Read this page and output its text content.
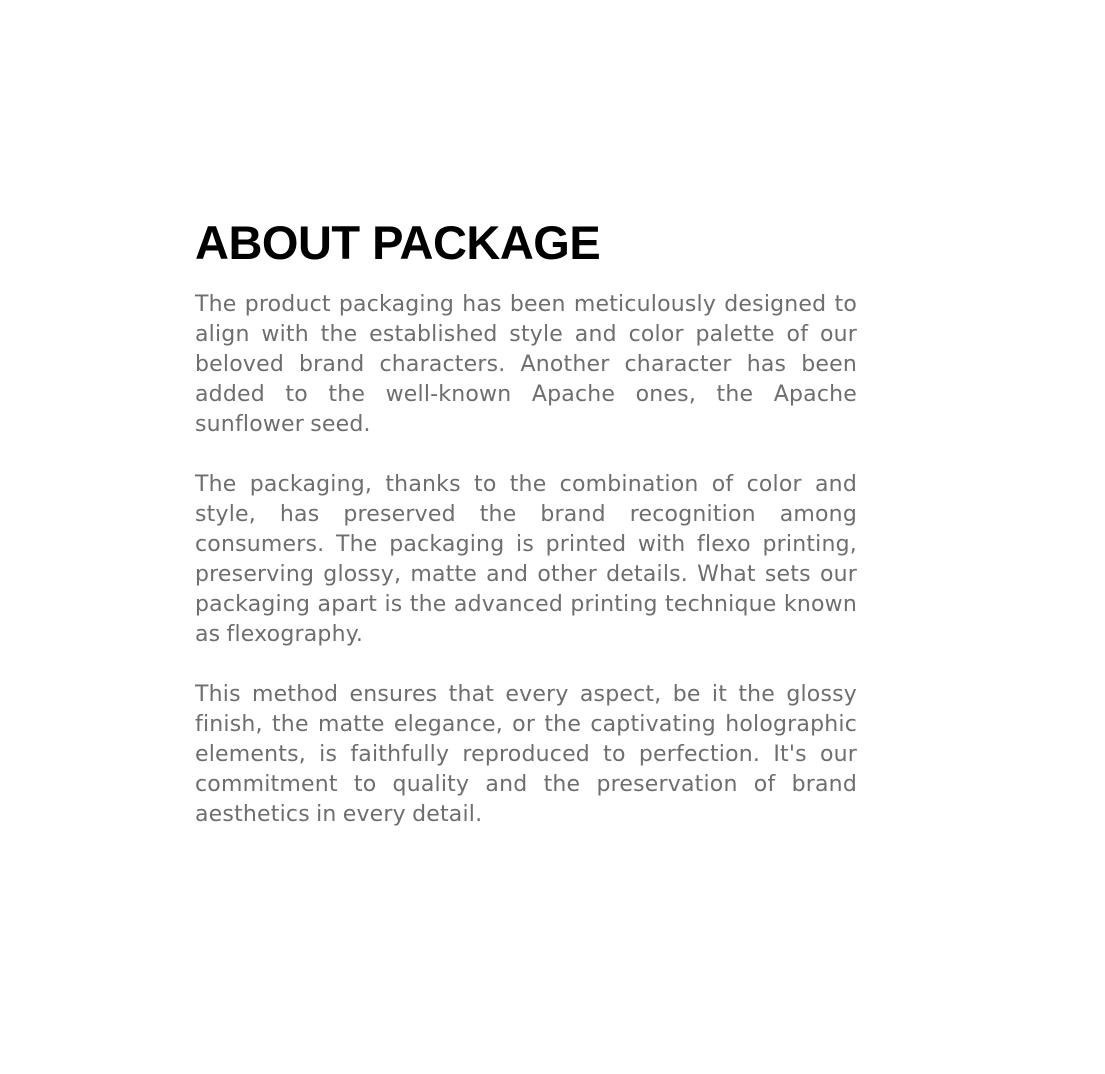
ABOUT PACKAGE

The product packaging has been meticulously designed to align with the established style and color palette of our beloved brand characters. Another character has been added to the well-known Apache ones, the Apache sunflower seed.

The packaging, thanks to the combination of color and style, has preserved the brand recognition among consumers. The packaging is printed with flexo printing, preserving glossy, matte and other details. What sets our packaging apart is the advanced printing technique known as flexography.

This method ensures that every aspect, be it the glossy finish, the matte elegance, or the captivating holographic elements, is faithfully reproduced to perfection. It's our commitment to quality and the preservation of brand aesthetics in every detail.
